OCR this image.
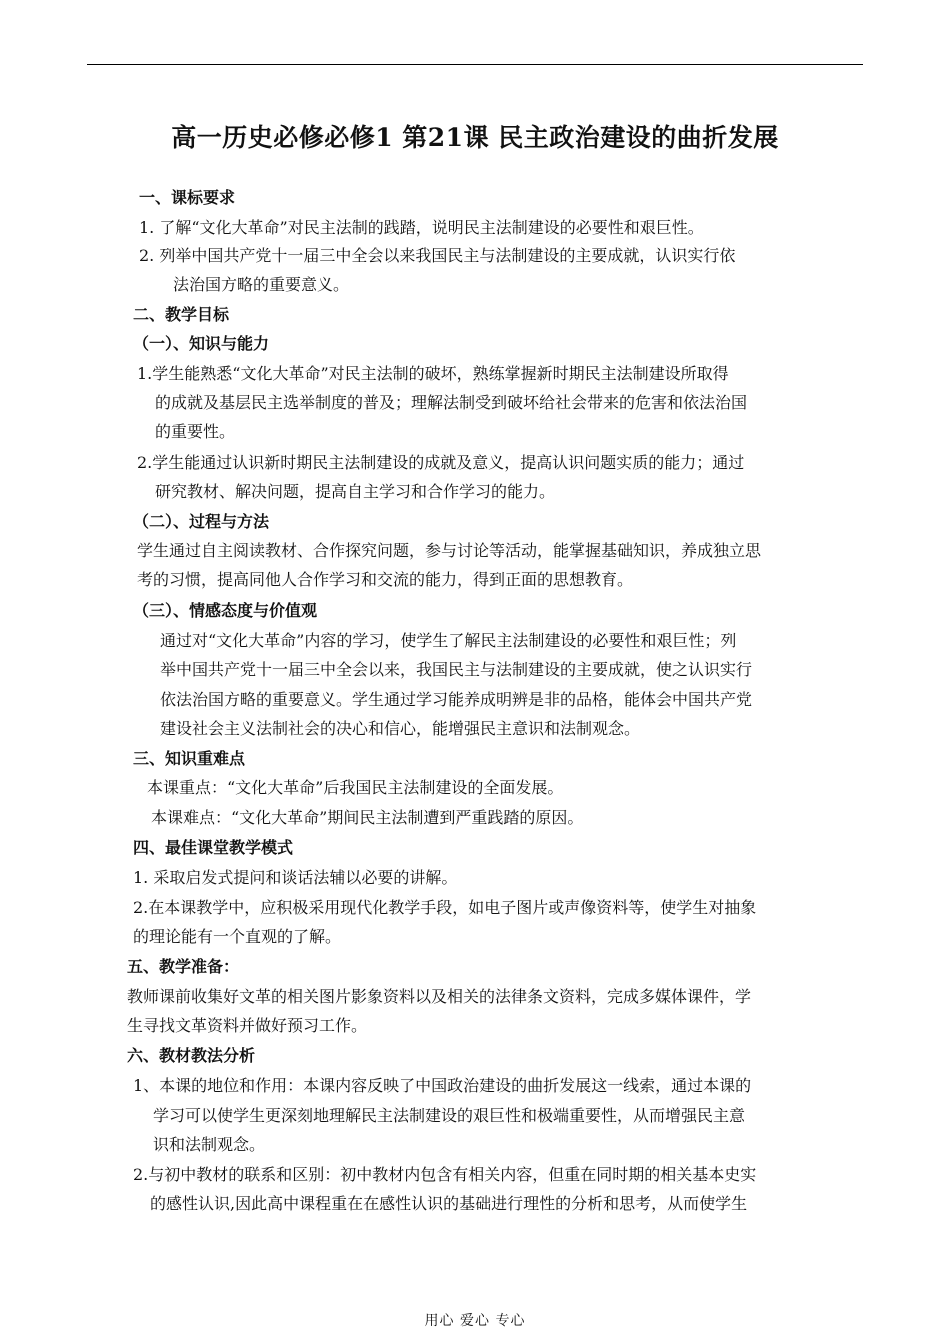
高一历史必修必修1 第21课 民主政治建设的曲折发展
一、课标要求
1. 了解“文化大革命”对民主法制的践踏，说明民主法制建设的必要性和艰巨性。
2. 列举中国共产党十一届三中全会以来我国民主与法制建设的主要成就，认识实行依
法治国方略的重要意义。
二、教学目标
（一）、知识与能力
1.学生能熟悉“文化大革命”对民主法制的破坏，熟练掌握新时期民主法制建设所取得
的成就及基层民主选举制度的普及；理解法制受到破坏给社会带来的危害和依法治国
的重要性。
2.学生能通过认识新时期民主法制建设的成就及意义，提高认识问题实质的能力；通过
研究教材、解决问题，提高自主学习和合作学习的能力。
（二）、过程与方法
学生通过自主阅读教材、合作探究问题，参与讨论等活动，能掌握基础知识，养成独立思
考的习惯，提高同他人合作学习和交流的能力，得到正面的思想教育。
（三）、情感态度与价值观
通过对“文化大革命”内容的学习，使学生了解民主法制建设的必要性和艰巨性；列
举中国共产党十一届三中全会以来，我国民主与法制建设的主要成就，使之认识实行
依法治国方略的重要意义。学生通过学习能养成明辨是非的品格，能体会中国共产党
建设社会主义法制社会的决心和信心，能增强民主意识和法制观念。
三、知识重难点
本课重点：“文化大革命”后我国民主法制建设的全面发展。
本课难点：“文化大革命”期间民主法制遭到严重践踏的原因。
四、最佳课堂教学模式
1. 采取启发式提问和谈话法辅以必要的讲解。
2.在本课教学中，应积极采用现代化教学手段，如电子图片或声像资料等，使学生对抽象
的理论能有一个直观的了解。
五、教学准备：
教师课前收集好文革的相关图片影象资料以及相关的法律条文资料，完成多媒体课件，学
生寻找文革资料并做好预习工作。
六、教材教法分析
1、本课的地位和作用：本课内容反映了中国政治建设的曲折发展这一线索，通过本课的
学习可以使学生更深刻地理解民主法制建设的艰巨性和极端重要性，从而增强民主意
识和法制观念。
2.与初中教材的联系和区别：初中教材内包含有相关内容，但重在同时期的相关基本史实
的感性认识,因此高中课程重在在感性认识的基础进行理性的分析和思考，从而使学生
用心 爱心 专心
